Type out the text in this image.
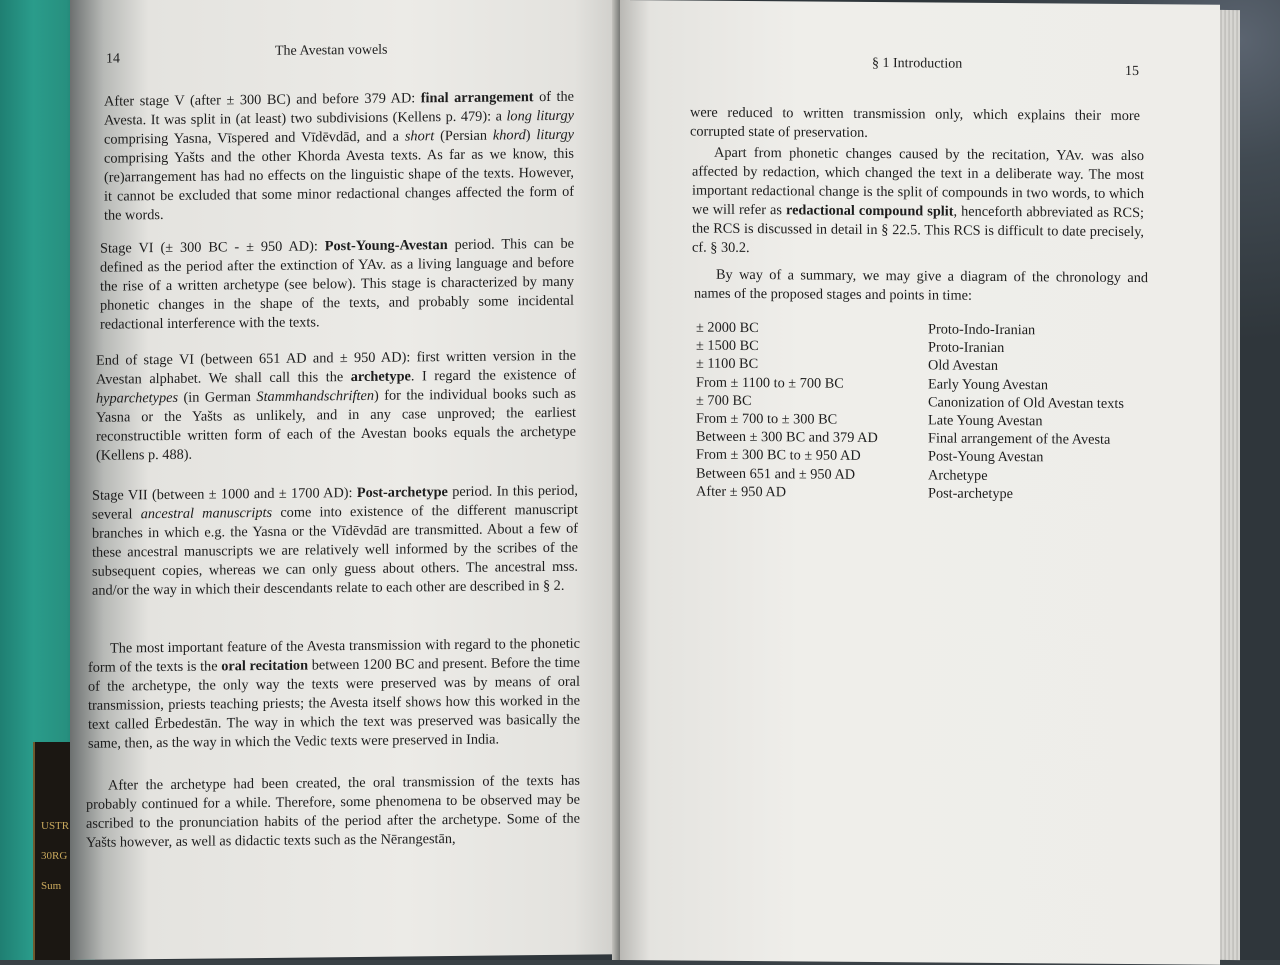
USTR
30RG
Sum
14
The Avestan vowels

After stage V (after ± 300 BC) and before 379 AD: final arrangement of the Avesta. It was split in (at least) two subdivisions (Kellens p. 479): a long liturgy comprising Yasna, Vīspered and Vīdēvdād, and a short (Persian khord) liturgy comprising Yašts and the other Khorda Avesta texts. As far as we know, this (re)arrangement has had no effects on the linguistic shape of the texts. However, it cannot be excluded that some minor redactional changes affected the form of the words.

Stage VI (± 300 BC - ± 950 AD): Post-Young-Avestan period. This can be defined as the period after the extinction of YAv. as a living language and before the rise of a written archetype (see below). This stage is characterized by many phonetic changes in the shape of the texts, and probably some incidental redactional interference with the texts.

End of stage VI (between 651 AD and ± 950 AD): first written version in the Avestan alphabet. We shall call this the archetype. I regard the existence of hyparchetypes (in German Stammhandschriften) for the individual books such as Yasna or the Yašts as unlikely, and in any case unproved; the earliest reconstructible written form of each of the Avestan books equals the archetype (Kellens p. 488).

Stage VII (between ± 1000 and ± 1700 AD): Post-archetype period. In this period, several ancestral manuscripts come into existence of the different manuscript branches in which e.g. the Yasna or the Vīdēvdād are transmitted. About a few of these ancestral manuscripts we are relatively well informed by the scribes of the subsequent copies, whereas we can only guess about others. The ancestral mss. and/or the way in which their descendants relate to each other are described in § 2.

The most important feature of the Avesta transmission with regard to the phonetic form of the texts is the oral recitation between 1200 BC and present. Before the time of the archetype, the only way the texts were preserved was by means of oral transmission, priests teaching priests; the Avesta itself shows how this worked in the text called Ērbedestān. The way in which the text was preserved was basically the same, then, as the way in which the Vedic texts were preserved in India.

After the archetype had been created, the oral transmission of the texts has probably continued for a while. Therefore, some phenomena to be observed may be ascribed to the pronunciation habits of the period after the archetype. Some of the Yašts however, as well as didactic texts such as the Nērangestān,

§ 1 Introduction	15

were reduced to written transmission only, which explains their more corrupted state of preservation.

Apart from phonetic changes caused by the recitation, YAv. was also affected by redaction, which changed the text in a deliberate way. The most important redactional change is the split of compounds in two words, to which we will refer as redactional compound split, henceforth abbreviated as RCS; the RCS is discussed in detail in § 22.5. This RCS is difficult to date precisely, cf. § 30.2.

By way of a summary, we may give a diagram of the chronology and names of the proposed stages and points in time:

± 2000 BC	Proto-Indo-Iranian
± 1500 BC	Proto-Iranian
± 1100 BC	Old Avestan
From ± 1100 to ± 700 BC	Early Young Avestan
± 700 BC	Canonization of Old Avestan texts
From ± 700 to ± 300 BC	Late Young Avestan
Between ± 300 BC and 379 AD	Final arrangement of the Avesta
From ± 300 BC to ± 950 AD	Post-Young Avestan
Between 651 and ± 950 AD	Archetype
After ± 950 AD	Post-archetype
